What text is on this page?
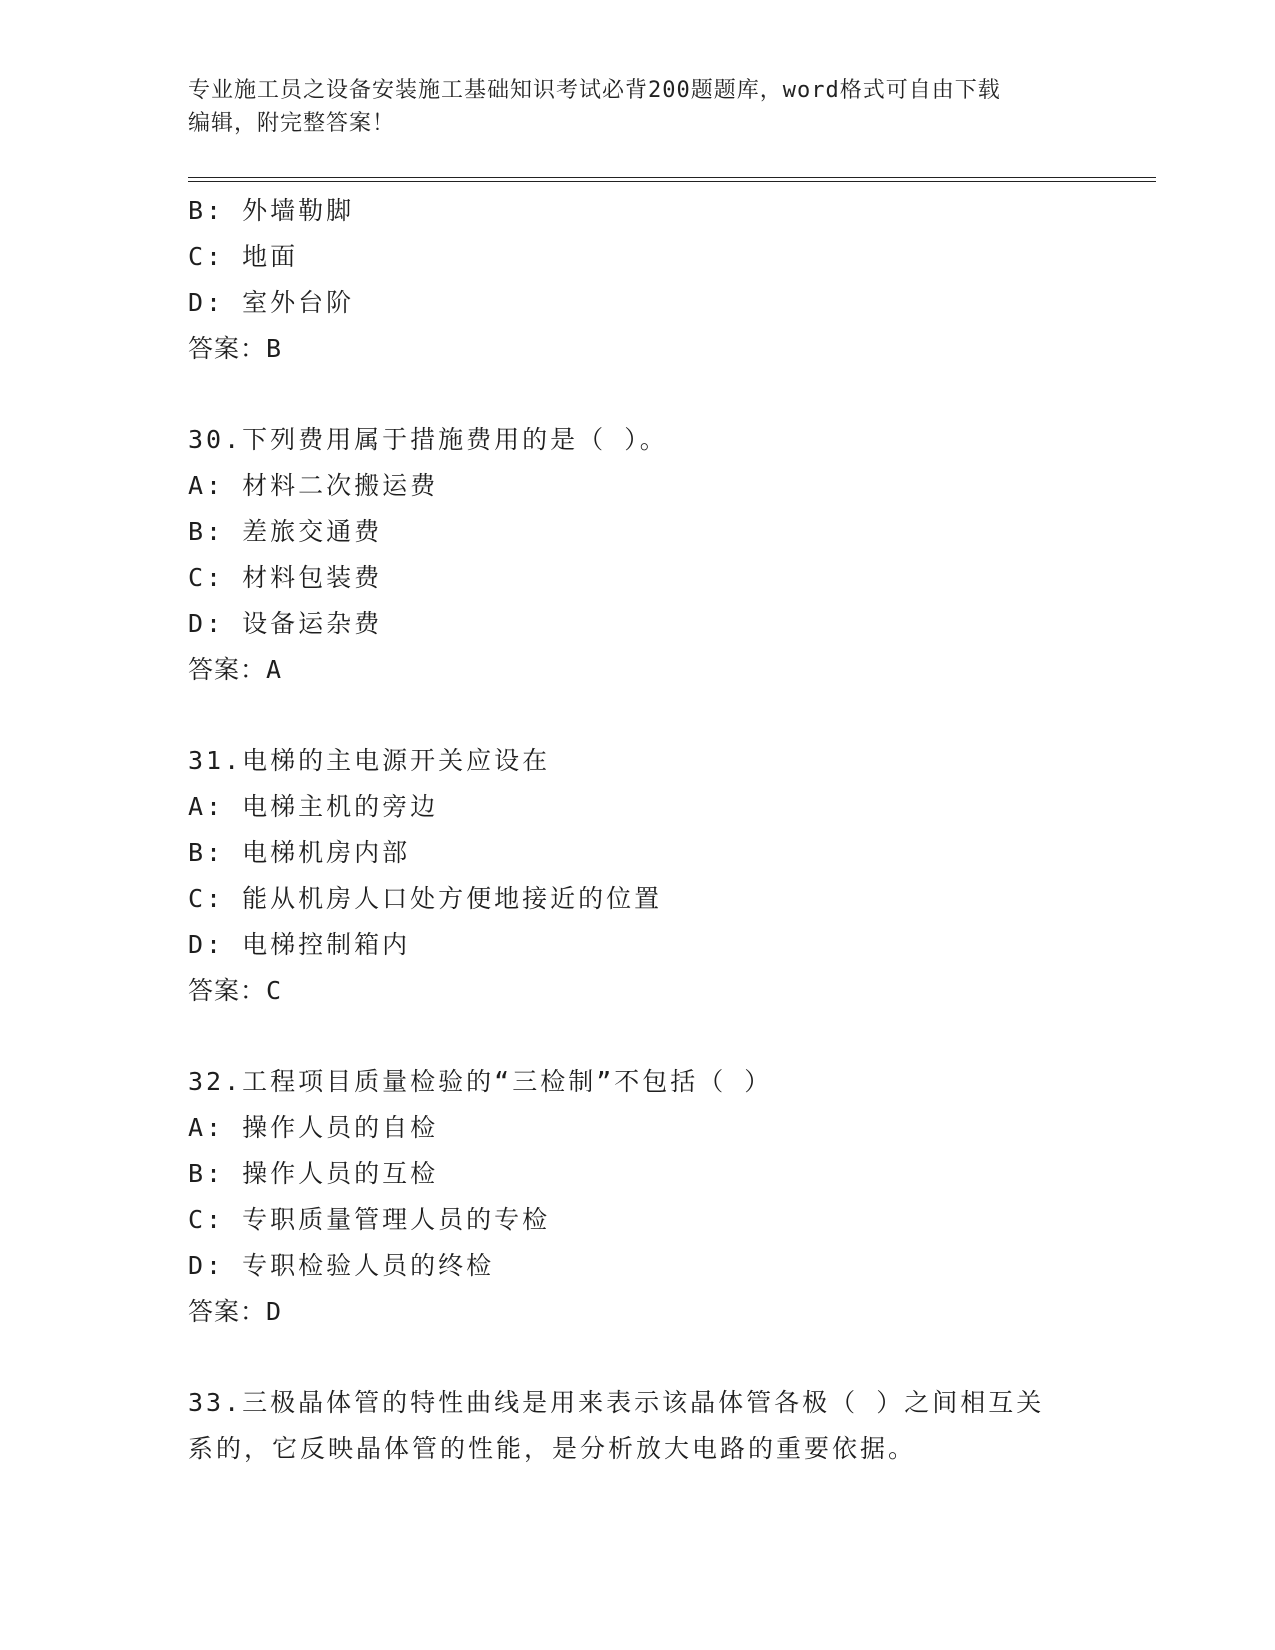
专业施工员之设备安装施工基础知识考试必背200题题库，word格式可自由下载
编辑，附完整答案！
B: 外墙勒脚
C: 地面
D: 室外台阶
答案：B
30.下列费用属于措施费用的是（ ）。
A: 材料二次搬运费
B: 差旅交通费
C: 材料包装费
D: 设备运杂费
答案：A
31.电梯的主电源开关应设在
A: 电梯主机的旁边
B: 电梯机房内部
C: 能从机房人口处方便地接近的位置
D: 电梯控制箱内
答案：C
32.工程项目质量检验的“三检制”不包括（ ）
A: 操作人员的自检
B: 操作人员的互检
C: 专职质量管理人员的专检
D: 专职检验人员的终检
答案：D
33.三极晶体管的特性曲线是用来表示该晶体管各极（ ）之间相互关
系的，它反映晶体管的性能，是分析放大电路的重要依据。
